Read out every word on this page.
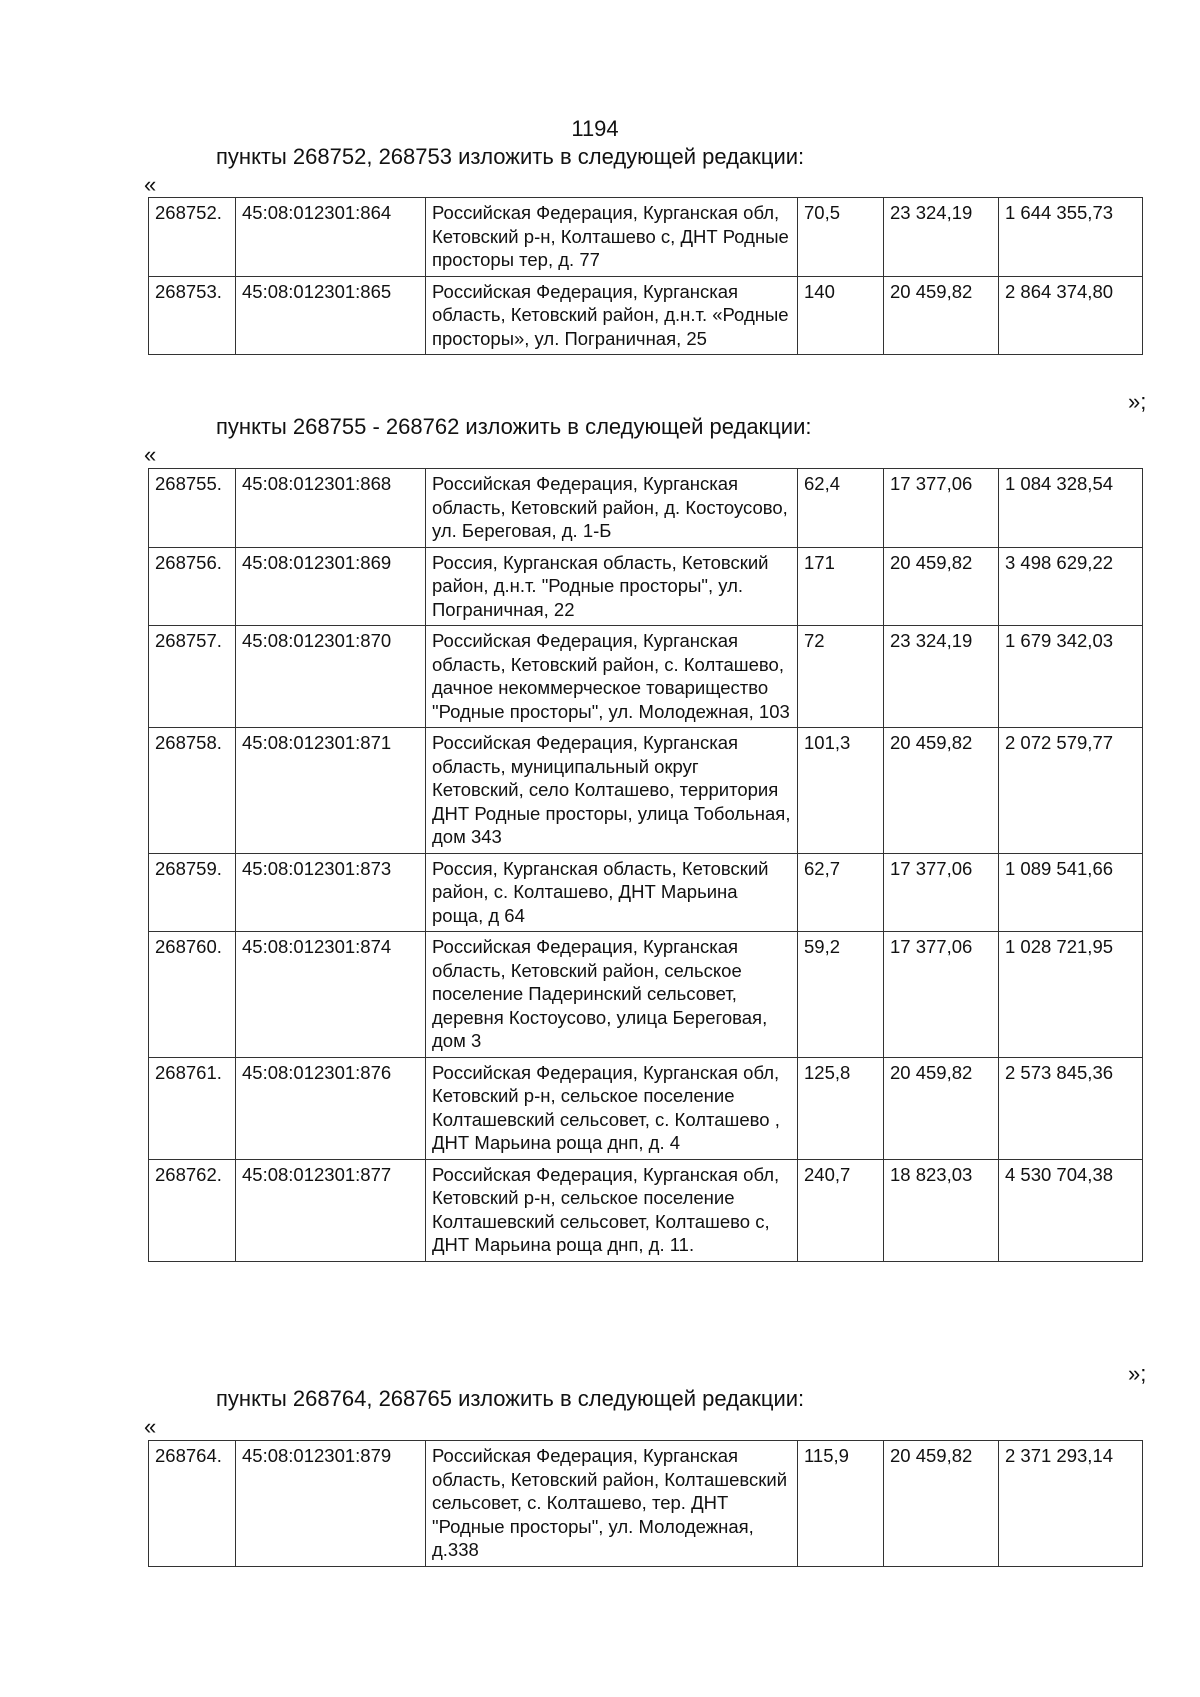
1194
пункты 268752, 268753 изложить в следующей редакции:
«
268752.	45:08:012301:864	Российская Федерация, Курганская обл, Кетовский р-н, Колташево с, ДНТ Родные просторы тер, д. 77	70,5	23 324,19	1 644 355,73
268753.	45:08:012301:865	Российская Федерация, Курганская область, Кетовский район, д.н.т. «Родные просторы», ул. Пограничная, 25	140	20 459,82	2 864 374,80
»;
пункты 268755 - 268762 изложить в следующей редакции:
«
268755.	45:08:012301:868	Российская Федерация, Курганская область, Кетовский район, д. Костоусово, ул. Береговая, д. 1-Б	62,4	17 377,06	1 084 328,54
268756.	45:08:012301:869	Россия, Курганская область, Кетовский район, д.н.т. "Родные просторы", ул. Пограничная, 22	171	20 459,82	3 498 629,22
268757.	45:08:012301:870	Российская Федерация, Курганская область, Кетовский район, с. Колташево, дачное некоммерческое товарищество "Родные просторы", ул. Молодежная, 103	72	23 324,19	1 679 342,03
268758.	45:08:012301:871	Российская Федерация, Курганская область, муниципальный округ Кетовский, село Колташево, территория ДНТ Родные просторы, улица Тобольная, дом 343	101,3	20 459,82	2 072 579,77
268759.	45:08:012301:873	Россия, Курганская область, Кетовский район, с. Колташево, ДНТ Марьина роща, д 64	62,7	17 377,06	1 089 541,66
268760.	45:08:012301:874	Российская Федерация, Курганская область, Кетовский район, сельское поселение Падеринский сельсовет, деревня Костоусово, улица Береговая, дом 3	59,2	17 377,06	1 028 721,95
268761.	45:08:012301:876	Российская Федерация, Курганская обл, Кетовский р-н, сельское поселение Колташевский сельсовет, с. Колташево , ДНТ Марьина роща днп, д. 4	125,8	20 459,82	2 573 845,36
268762.	45:08:012301:877	Российская Федерация, Курганская обл, Кетовский р-н, сельское поселение Колташевский сельсовет, Колташево с, ДНТ Марьина роща днп, д. 11.	240,7	18 823,03	4 530 704,38
»;
пункты 268764, 268765 изложить в следующей редакции:
«
268764.	45:08:012301:879	Российская Федерация, Курганская область, Кетовский район, Колташевский сельсовет, с. Колташево, тер. ДНТ "Родные просторы", ул. Молодежная, д.338	115,9	20 459,82	2 371 293,14
